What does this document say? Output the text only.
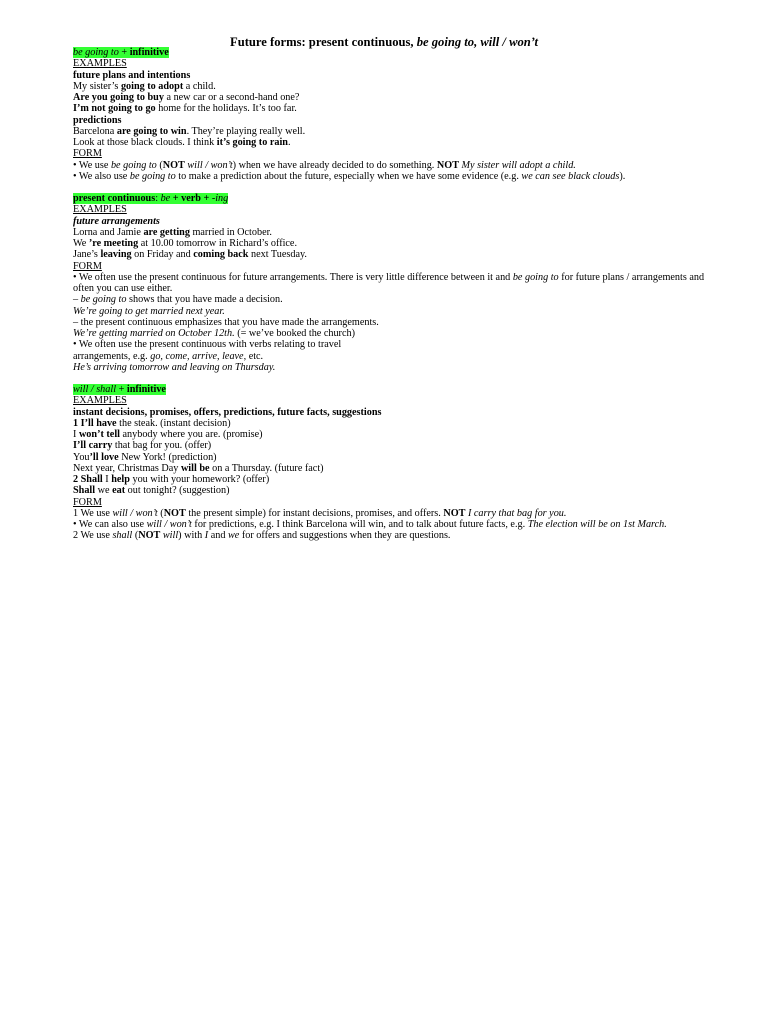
Future forms: present continuous, be going to, will / won’t
be going to + infinitive
EXAMPLES
future plans and intentions
My sister’s going to adopt a child.
Are you going to buy a new car or a second-hand one?
I’m not going to go home for the holidays. It’s too far.
predictions
Barcelona are going to win. They’re playing really well.
Look at those black clouds. I think it’s going to rain.
FORM
• We use be going to (NOT will / won’t) when we have already decided to do something. NOT My sister will adopt a child.
• We also use be going to to make a prediction about the future, especially when we have some evidence (e.g. we can see black clouds).
present continuous: be + verb + -ing
EXAMPLES
future arrangements
Lorna and Jamie are getting married in October.
We ’re meeting at 10.00 tomorrow in Richard’s office.
Jane’s leaving on Friday and coming back next Tuesday.
FORM
• We often use the present continuous for future arrangements. There is very little difference between it and be going to for future plans / arrangements and often you can use either.
– be going to shows that you have made a decision.
We’re going to get married next year.
– the present continuous emphasizes that you have made the arrangements.
We’re getting married on October 12th. (= we’ve booked the church)
• We often use the present continuous with verbs relating to travel
arrangements, e.g. go, come, arrive, leave, etc.
He’s arriving tomorrow and leaving on Thursday.
will / shall + infinitive
EXAMPLES
instant decisions, promises, offers, predictions, future facts, suggestions
1 I’ll have the steak. (instant decision)
I won’t tell anybody where you are. (promise)
I’ll carry that bag for you. (offer)
You’ll love New York! (prediction)
Next year, Christmas Day will be on a Thursday. (future fact)
2 Shall I help you with your homework? (offer)
Shall we eat out tonight? (suggestion)
FORM
1 We use will / won’t (NOT the present simple) for instant decisions, promises, and offers. NOT I carry that bag for you.
• We can also use will / won’t for predictions, e.g. I think Barcelona will win, and to talk about future facts, e.g. The election will be on 1st March.
2 We use shall (NOT will) with I and we for offers and suggestions when they are questions.
